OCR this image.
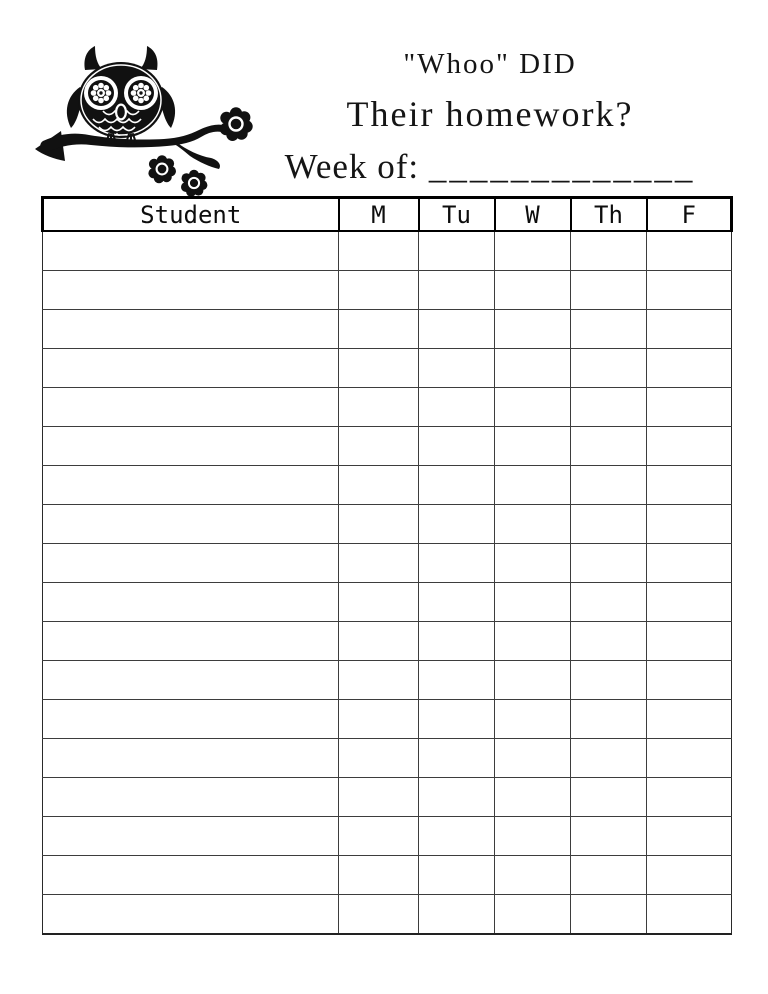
"Whoo" DID
Their homework?
Week of: _____________
Student	M	Tu	W	Th	F
